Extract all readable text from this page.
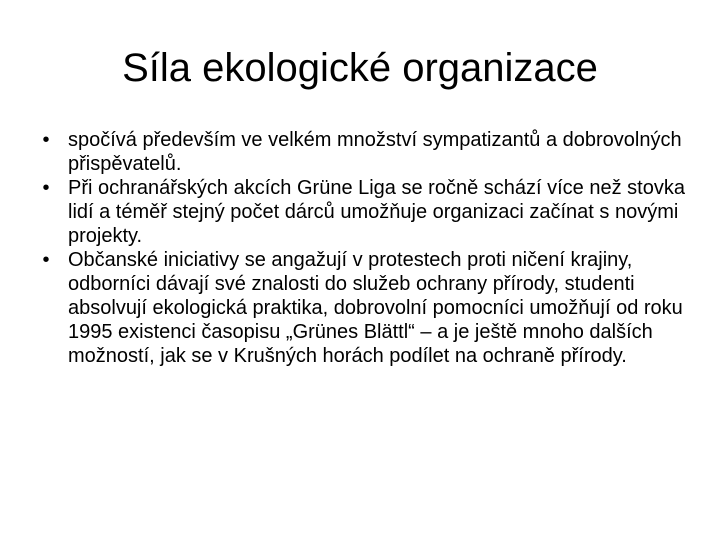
Síla ekologické organizace
• spočívá především ve velkém množství sympatizantů a dobrovolných přispěvatelů.
• Při ochranářských akcích Grüne Liga se ročně schází více než stovka lidí a téměř stejný počet dárců umožňuje organizaci začínat s novými projekty.
• Občanské iniciativy se angažují v protestech proti ničení krajiny, odborníci dávají své znalosti do služeb ochrany přírody, studenti absolvují ekologická praktika, dobrovolní pomocníci umožňují od roku 1995 existenci časopisu „Grünes Blättl“ – a je ještě mnoho dalších možností, jak se v Krušných horách podílet na ochraně přírody.
